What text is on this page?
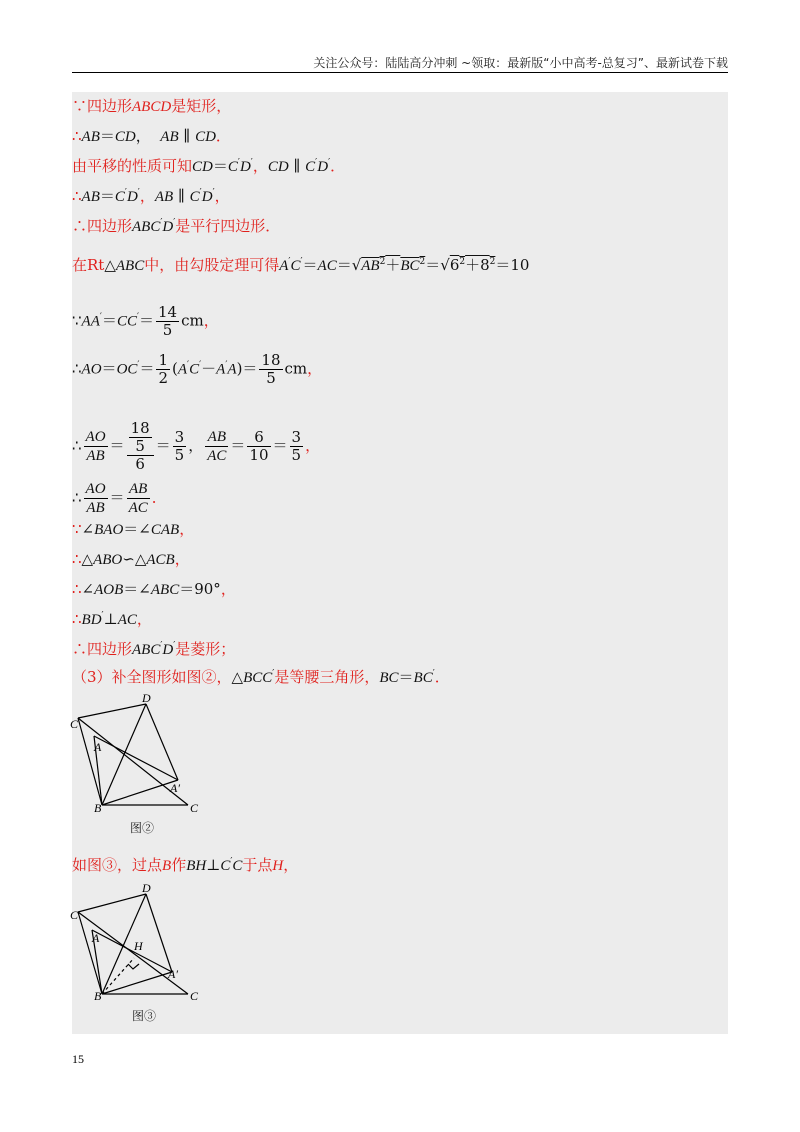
关注公众号：陆陆高分冲刺 ~领取：最新版“小中高考-总复习”、最新试卷下载
∵四边形ABCD是矩形，
∴AB＝CD，  AB ∥ CD．
由平移的性质可知CD＝C′D′，CD ∥ C′D′．
∴AB＝C′D′，AB ∥ C′D′，
∴四边形ABC′D′是平行四边形．
在Rt△ABC中，由勾股定理可得$A'C'=AC=√AB^2+BC^2=√6^2+8^2=10$
∵AA′＝CC′＝ $\frac{14}{5}$ cm，
∴AO＝OC′＝ $\frac{1}{2} (A'C'-A'A)= \frac{18}{5}$ cm，
∴ $\frac{AO}{AB} = \frac{\frac{18}{5}}{6} = \frac{3}{5}$ ， $\frac{AB}{AC} = \frac{6}{10} = \frac{3}{5}$ ，
∴ $\frac{AO}{AB} = \frac{AB}{AC}$ ．
∵∠BAO＝∠CAB，
∴△ABO∽△ACB，
∴∠AOB＝∠ABC＝90°，
∴BD′⊥AC，
∴四边形ABC′D′是菱形；
（3）补全图形如图②，△BCC′是等腰三角形，BC＝BC′．
C
D
A
A′
B	C
图②
如图③，过点B作BH⊥C′C于点H，
C
D
A
H
A′
B	C
图③
15
